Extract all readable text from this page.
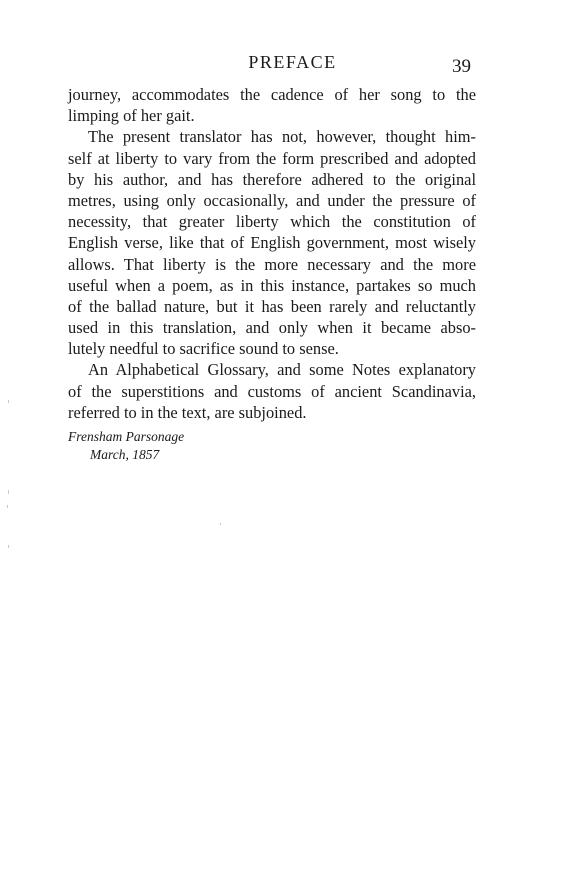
PREFACE	39
journey, accommodates the cadence of her song to the
limping of her gait.
The present translator has not, however, thought him-
self at liberty to vary from the form prescribed and adopted
by his author, and has therefore adhered to the original
metres, using only occasionally, and under the pressure of
necessity, that greater liberty which the constitution of
English verse, like that of English government, most wisely
allows. That liberty is the more necessary and the more
useful when a poem, as in this instance, partakes so much
of the ballad nature, but it has been rarely and reluctantly
used in this translation, and only when it became abso-
lutely needful to sacrifice sound to sense.
An Alphabetical Glossary, and some Notes explanatory
of the superstitions and customs of ancient Scandinavia,
referred to in the text, are subjoined.
Frensham Parsonage
March, 1857
